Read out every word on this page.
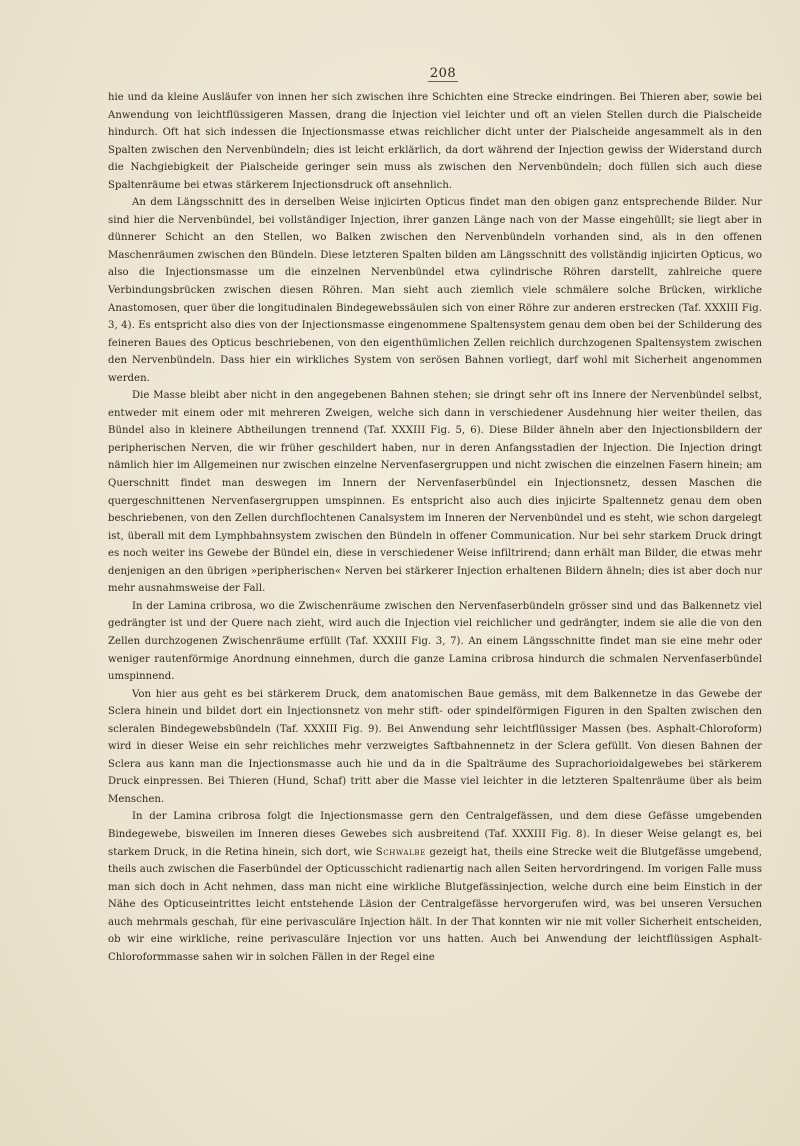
208

hie und da kleine Ausläufer von innen her sich zwischen ihre Schichten eine Strecke eindringen. Bei Thieren aber, sowie bei Anwendung von leichtflüssigeren Massen, drang die Injection viel leichter und oft an vielen Stellen durch die Pialscheide hindurch. Oft hat sich indessen die Injectionsmasse etwas reichlicher dicht unter der Pialscheide angesammelt als in den Spalten zwischen den Nervenbündeln; dies ist leicht erklärlich, da dort während der Injection gewiss der Widerstand durch die Nachgiebigkeit der Pialscheide geringer sein muss als zwischen den Nervenbündeln; doch füllen sich auch diese Spaltenräume bei etwas stärkerem Injectionsdruck oft ansehnlich.

An dem Längsschnitt des in derselben Weise injicirten Opticus findet man den obigen ganz entsprechende Bilder. Nur sind hier die Nervenbündel, bei vollständiger Injection, ihrer ganzen Länge nach von der Masse eingehüllt; sie liegt aber in dünnerer Schicht an den Stellen, wo Balken zwischen den Nervenbündeln vorhanden sind, als in den offenen Maschenräumen zwischen den Bündeln. Diese letzteren Spalten bilden am Längsschnitt des vollständig injicirten Opticus, wo also die Injectionsmasse um die einzelnen Nervenbündel etwa cylindrische Röhren darstellt, zahlreiche quere Verbindungsbrücken zwischen diesen Röhren. Man sieht auch ziemlich viele schmälere solche Brücken, wirkliche Anastomosen, quer über die longitudinalen Bindegewebssäulen sich von einer Röhre zur anderen erstrecken (Taf. XXXIII Fig. 3, 4). Es entspricht also dies von der Injectionsmasse eingenommene Spaltensystem genau dem oben bei der Schilderung des feineren Baues des Opticus beschriebenen, von den eigenthümlichen Zellen reichlich durchzogenen Spaltensystem zwischen den Nervenbündeln. Dass hier ein wirkliches System von serösen Bahnen vorliegt, darf wohl mit Sicherheit angenommen werden.

Die Masse bleibt aber nicht in den angegebenen Bahnen stehen; sie dringt sehr oft ins Innere der Nervenbündel selbst, entweder mit einem oder mit mehreren Zweigen, welche sich dann in verschiedener Ausdehnung hier weiter theilen, das Bündel also in kleinere Abtheilungen trennend (Taf. XXXIII Fig. 5, 6). Diese Bilder ähneln aber den Injectionsbildern der peripherischen Nerven, die wir früher geschildert haben, nur in deren Anfangsstadien der Injection. Die Injection dringt nämlich hier im Allgemeinen nur zwischen einzelne Nervenfasergruppen und nicht zwischen die einzelnen Fasern hinein; am Querschnitt findet man deswegen im Innern der Nervenfaserbündel ein Injectionsnetz, dessen Maschen die quergeschnittenen Nervenfasergruppen umspinnen. Es entspricht also auch dies injicirte Spaltennetz genau dem oben beschriebenen, von den Zellen durchflochtenen Canalsystem im Inneren der Nervenbündel und es steht, wie schon dargelegt ist, überall mit dem Lymphbahnsystem zwischen den Bündeln in offener Communication. Nur bei sehr starkem Druck dringt es noch weiter ins Gewebe der Bündel ein, diese in verschiedener Weise infiltrirend; dann erhält man Bilder, die etwas mehr denjenigen an den übrigen »peripherischen« Nerven bei stärkerer Injection erhaltenen Bildern ähneln; dies ist aber doch nur mehr ausnahmsweise der Fall.

In der Lamina cribrosa, wo die Zwischenräume zwischen den Nervenfaserbündeln grösser sind und das Balkennetz viel gedrängter ist und der Quere nach zieht, wird auch die Injection viel reichlicher und gedrängter, indem sie alle die von den Zellen durchzogenen Zwischenräume erfüllt (Taf. XXXIII Fig. 3, 7). An einem Längsschnitte findet man sie eine mehr oder weniger rautenförmige Anordnung einnehmen, durch die ganze Lamina cribrosa hindurch die schmalen Nervenfaserbündel umspinnend.

Von hier aus geht es bei stärkerem Druck, dem anatomischen Baue gemäss, mit dem Balkennetze in das Gewebe der Sclera hinein und bildet dort ein Injectionsnetz von mehr stift- oder spindelförmigen Figuren in den Spalten zwischen den scleralen Bindegewebsbündeln (Taf. XXXIII Fig. 9). Bei Anwendung sehr leichtflüssiger Massen (bes. Asphalt-Chloroform) wird in dieser Weise ein sehr reichliches mehr verzweigtes Saftbahnennetz in der Sclera gefüllt. Von diesen Bahnen der Sclera aus kann man die Injectionsmasse auch hie und da in die Spalträume des Suprachorioidalgewebes bei stärkerem Druck einpressen. Bei Thieren (Hund, Schaf) tritt aber die Masse viel leichter in die letzteren Spaltenräume über als beim Menschen.

In der Lamina cribrosa folgt die Injectionsmasse gern den Centralgefässen, und dem diese Gefässe umgebenden Bindegewebe, bisweilen im Inneren dieses Gewebes sich ausbreitend (Taf. XXXIII Fig. 8). In dieser Weise gelangt es, bei starkem Druck, in die Retina hinein, sich dort, wie Schwalbe gezeigt hat, theils eine Strecke weit die Blutgefässe umgebend, theils auch zwischen die Faserbündel der Opticusschicht radienartig nach allen Seiten hervordringend. Im vorigen Falle muss man sich doch in Acht nehmen, dass man nicht eine wirkliche Blutgefässinjection, welche durch eine beim Einstich in der Nähe des Opticuseintrittes leicht entstehende Läsion der Centralgefässe hervorgerufen wird, was bei unseren Versuchen auch mehrmals geschah, für eine perivasculäre Injection hält. In der That konnten wir nie mit voller Sicherheit entscheiden, ob wir eine wirkliche, reine perivasculäre Injection vor uns hatten. Auch bei Anwendung der leichtflüssigen Asphalt-Chloroformmasse sahen wir in solchen Fällen in der Regel eine
